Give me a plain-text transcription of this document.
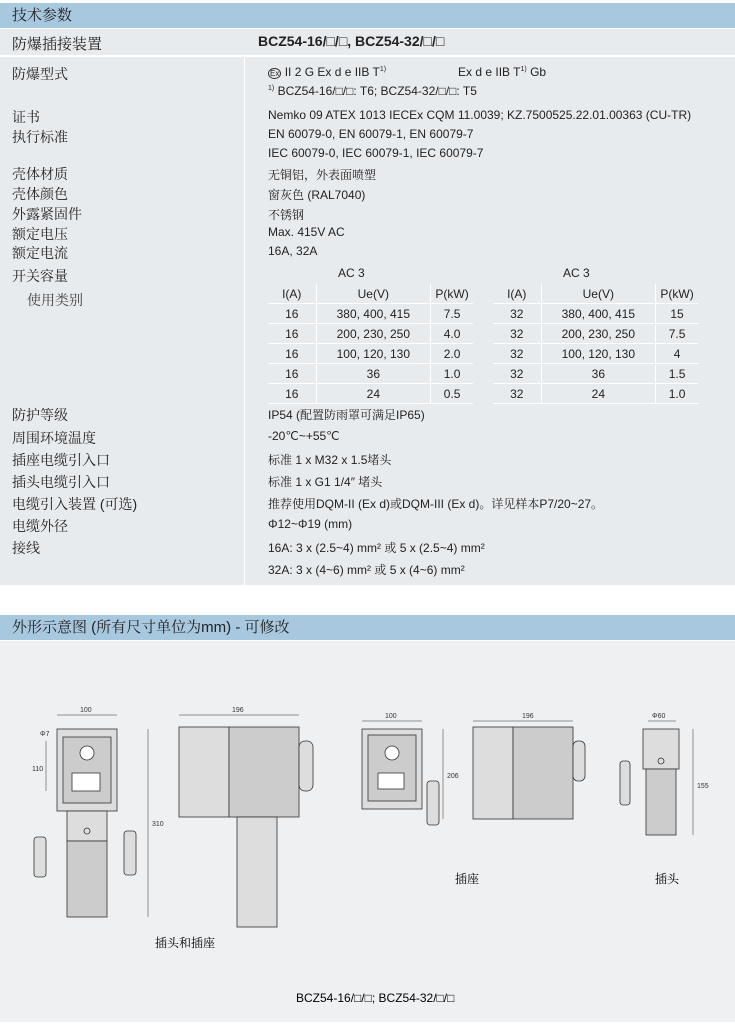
技术参数
防爆插接装置	BCZ54-16/□/□, BCZ54-32/□/□
防爆型式	Ex II 2 G Ex d e IIB $T^{1)}$	Ex d e IIB $T^{1)}$ Gb
$^{1)}$ BCZ54-16/□/□: T6; BCZ54-32/□/□: T5
证书	Nemko 09 ATEX 1013 IECEx CQM 11.0039; KZ.7500525.22.01.00363 (CU-TR)
执行标准	EN 60079-0, EN 60079-1, EN 60079-7
IEC 60079-0, IEC 60079-1, IEC 60079-7
壳体材质	无铜铝，外表面喷塑
壳体颜色	窗灰色 (RAL7040)
外露紧固件	不锈钢
额定电压	Max. 415V AC
额定电流	16A, 32A
开关容量
使用类别
AC 3
I(A)	Ue(V)	P(kW)
16	380, 400, 415	7.5
16	200, 230, 250	4.0
16	100, 120, 130	2.0
16	36	1.0
16	24	0.5
AC 3
I(A)	Ue(V)	P(kW)
32	380, 400, 415	15
32	200, 230, 250	7.5
32	100, 120, 130	4
32	36	1.5
32	24	1.0
防护等级	IP54 (配置防雨罩可满足IP65)
周围环境温度	-20℃~+55℃
插座电缆引入口	标准 1 x M32 x 1.5堵头
插头电缆引入口	标准 1 x G1 1/4″ 堵头
电缆引入装置 (可选)	推荐使用DQM-II (Ex d)或DQM-III (Ex d)。详见样本P7/20~27。
电缆外径	Φ12~Φ19 (mm)
接线	16A: 3 x (2.5~4) mm² 或 5 x (2.5~4) mm²
32A: 3 x (4~6) mm² 或 5 x (4~6) mm²
外形示意图 (所有尺寸单位为mm) - 可修改
100
Φ7
110
310
196
100
206
196	Φ60
155
插头和插座
插座	插头
BCZ54-16/□/□; BCZ54-32/□/□
